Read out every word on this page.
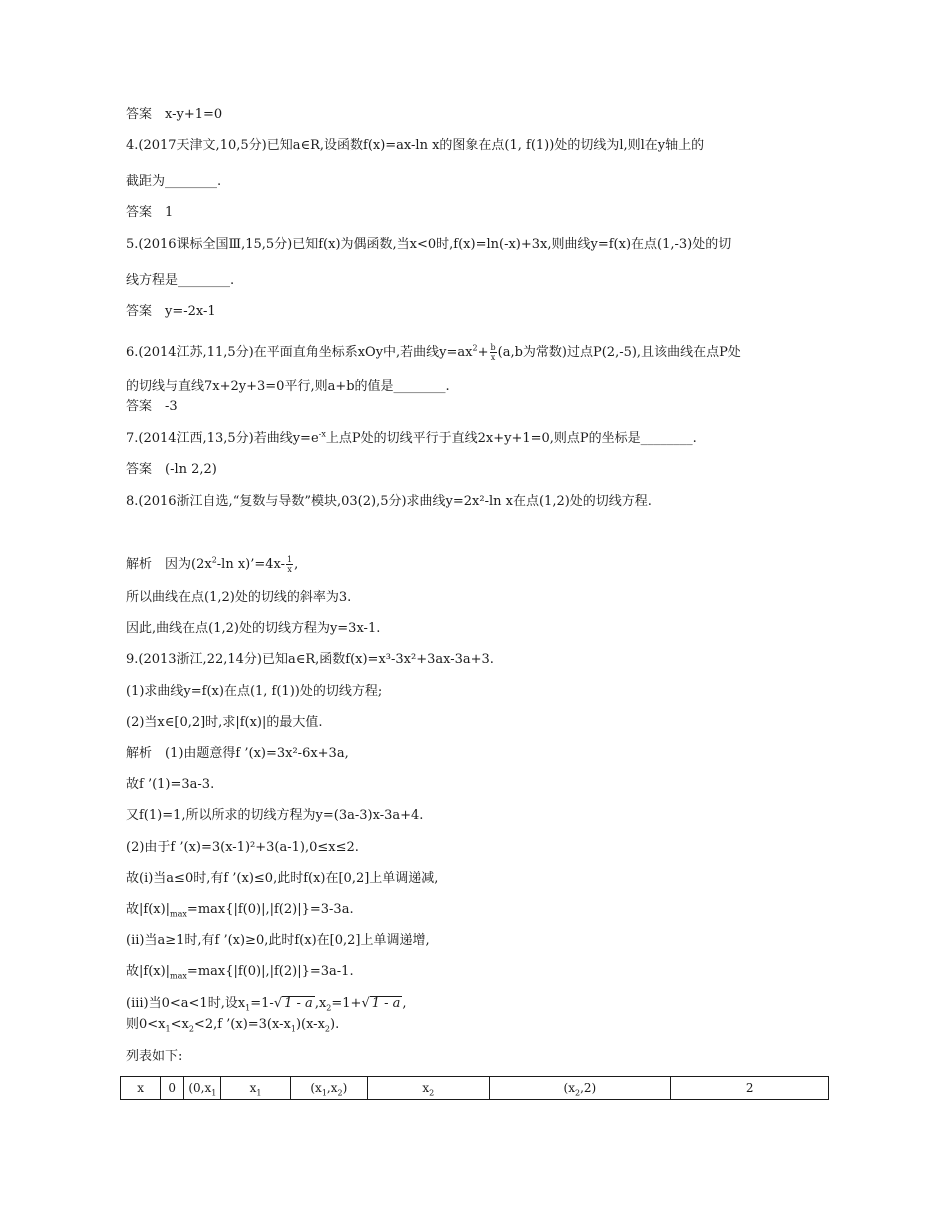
答案　x-y+1=0
4.(2017天津文,10,5分)已知a∈R,设函数f(x)=ax-ln x的图象在点(1, f(1))处的切线为l,则l在y轴上的
截距为________.
答案　1
5.(2016课标全国Ⅲ,15,5分)已知f(x)为偶函数,当x<0时,f(x)=ln(-x)+3x,则曲线y=f(x)在点(1,-3)处的切
线方程是________.
答案　y=-2x-1
6.(2014江苏,11,5分)在平面直角坐标系xOy中,若曲线$y=ax^2+ \frac{b}{x} (a,b$为常数)过点P(2,-5),且该曲线在点P处
的切线与直线7x+2y+3=0平行,则a+b的值是________.
答案　-3
7.(2014江西,13,5分)若曲线$y=e^{-x}$上点P处的切线平行于直线2x+y+1=0,则点P的坐标是________.
答案　(-ln 2,2)
8.(2016浙江自选,“复数与导数”模块,03(2),5分)求曲线y=2x²-ln x在点(1,2)处的切线方程.
解析　因为($2x^2-\ln$ x)’=4x- $\frac{1}{x}$ ,
所以曲线在点(1,2)处的切线的斜率为3.
因此,曲线在点(1,2)处的切线方程为y=3x-1.
9.(2013浙江,22,14分)已知a∈R,函数f(x)=x³-3x²+3ax-3a+3.
(1)求曲线y=f(x)在点(1, f(1))处的切线方程;
(2)当x∈[0,2]时,求|f(x)|的最大值.
解析　(1)由题意得f ’(x)=3x²-6x+3a,
故f ’(1)=3a-3.
又f(1)=1,所以所求的切线方程为y=(3a-3)x-3a+4.
(2)由于f ’(x)=3(x-1)²+3(a-1),0≤x≤2.
故(i)当a≤0时,有f ’(x)≤0,此时f(x)在[0,2]上单调递减,
故$|f(x)|_{max}=\max\{|f(0)|,|f(2)|\}=3-3a$.
(ii)当a≥1时,有f ’(x)≥0,此时f(x)在[0,2]上单调递增,
故$|f(x)|_{max}=\max\{|f(0)|,|f(2)|\}=3a-1$.
(iii)当0<a<1时,设$x_1=1-√$ 1 - a $,x_2=1+√$ 1 - a ,
则$0<x_1<x_2<2,f$ $’(x)=3(x-x_1)(x-x_2)$.
列表如下:
x	0	($0,x_1$	$x_1$	$(x_1,x_2)$	$x_2$	$(x_2,2)$	2
